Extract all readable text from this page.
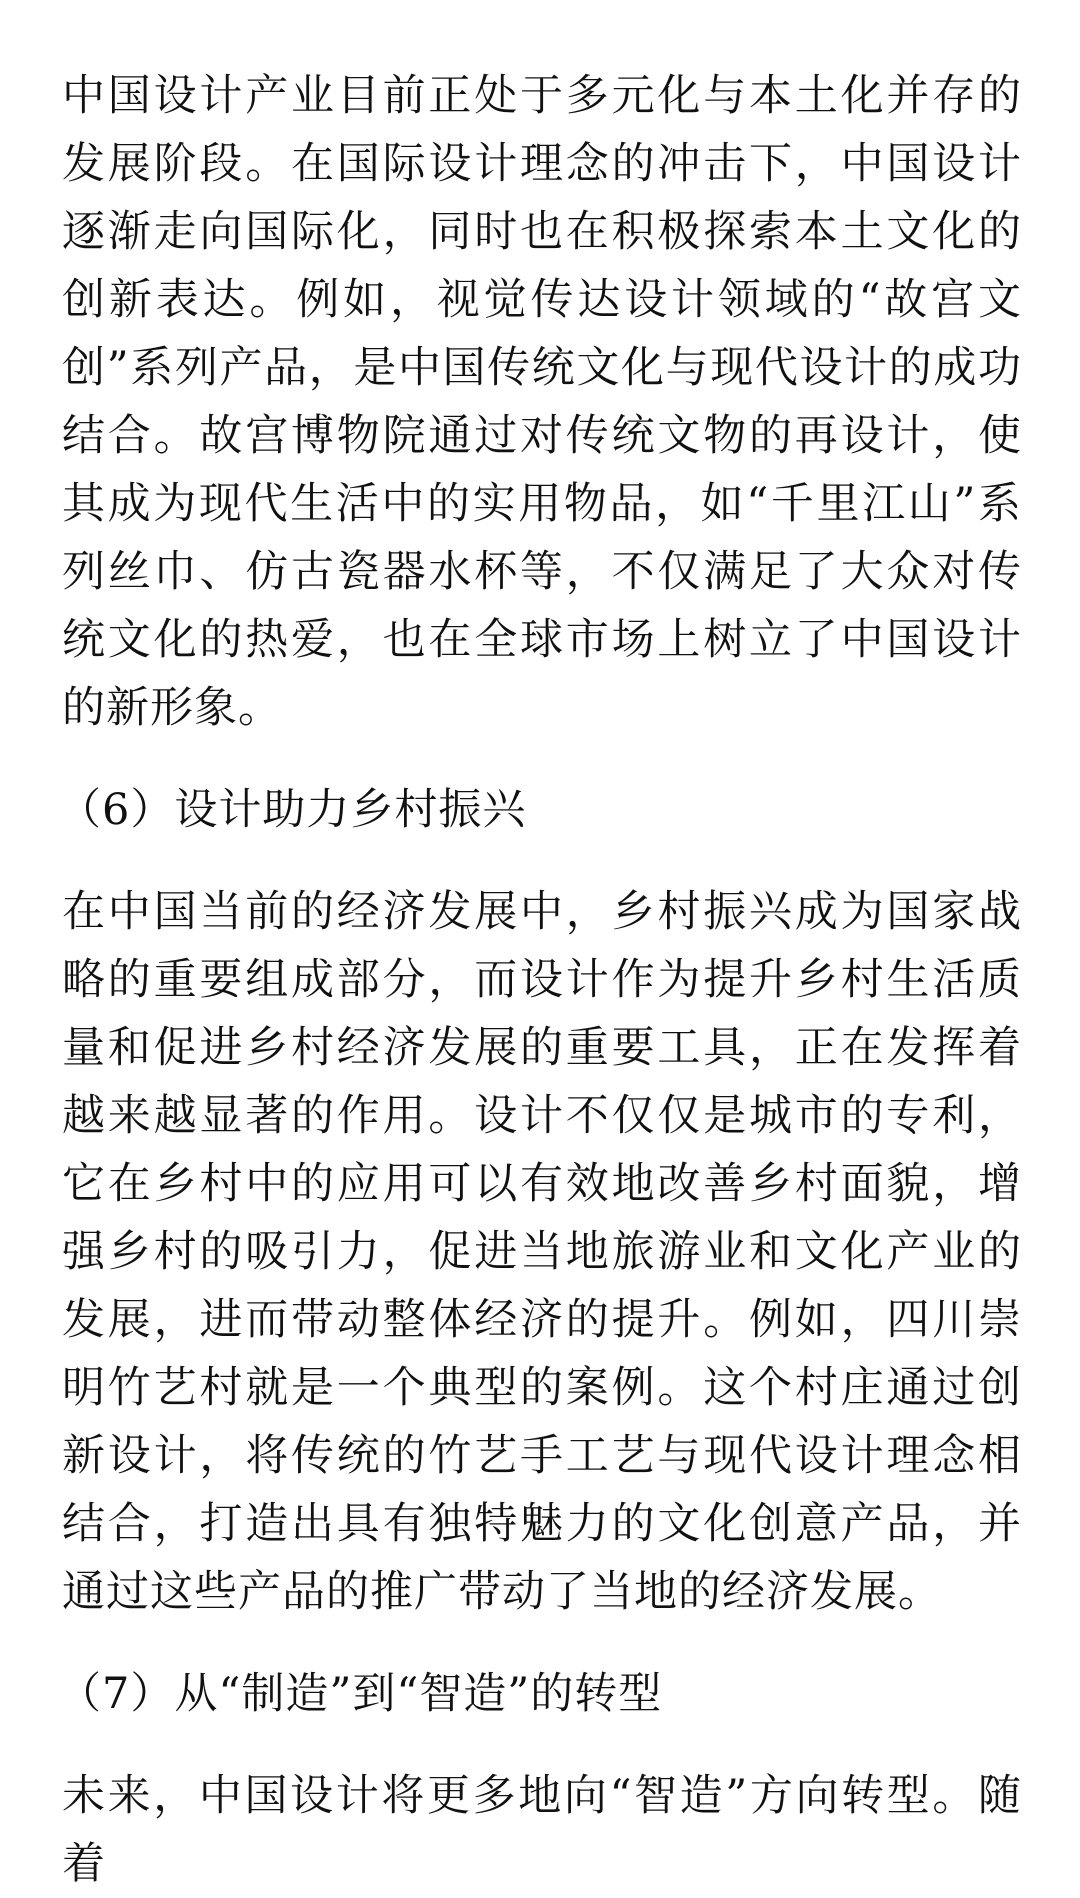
中国设计产业目前正处于多元化与本土化并存的发展阶段。在国际设计理念的冲击下，中国设计逐渐走向国际化，同时也在积极探索本土文化的创新表达。例如，视觉传达设计领域的“故宫文创”系列产品，是中国传统文化与现代设计的成功结合。故宫博物院通过对传统文物的再设计，使其成为现代生活中的实用物品，如“千里江山”系列丝巾、仿古瓷器水杯等，不仅满足了大众对传统文化的热爱，也在全球市场上树立了中国设计的新形象。

（6）设计助力乡村振兴

在中国当前的经济发展中，乡村振兴成为国家战略的重要组成部分，而设计作为提升乡村生活质量和促进乡村经济发展的重要工具，正在发挥着越来越显著的作用。设计不仅仅是城市的专利，它在乡村中的应用可以有效地改善乡村面貌，增强乡村的吸引力，促进当地旅游业和文化产业的发展，进而带动整体经济的提升。例如，四川崇明竹艺村就是一个典型的案例。这个村庄通过创新设计，将传统的竹艺手工艺与现代设计理念相结合，打造出具有独特魅力的文化创意产品，并通过这些产品的推广带动了当地的经济发展。

（7）从“制造”到“智造”的转型

未来，中国设计将更多地向“智造”方向转型。随着
